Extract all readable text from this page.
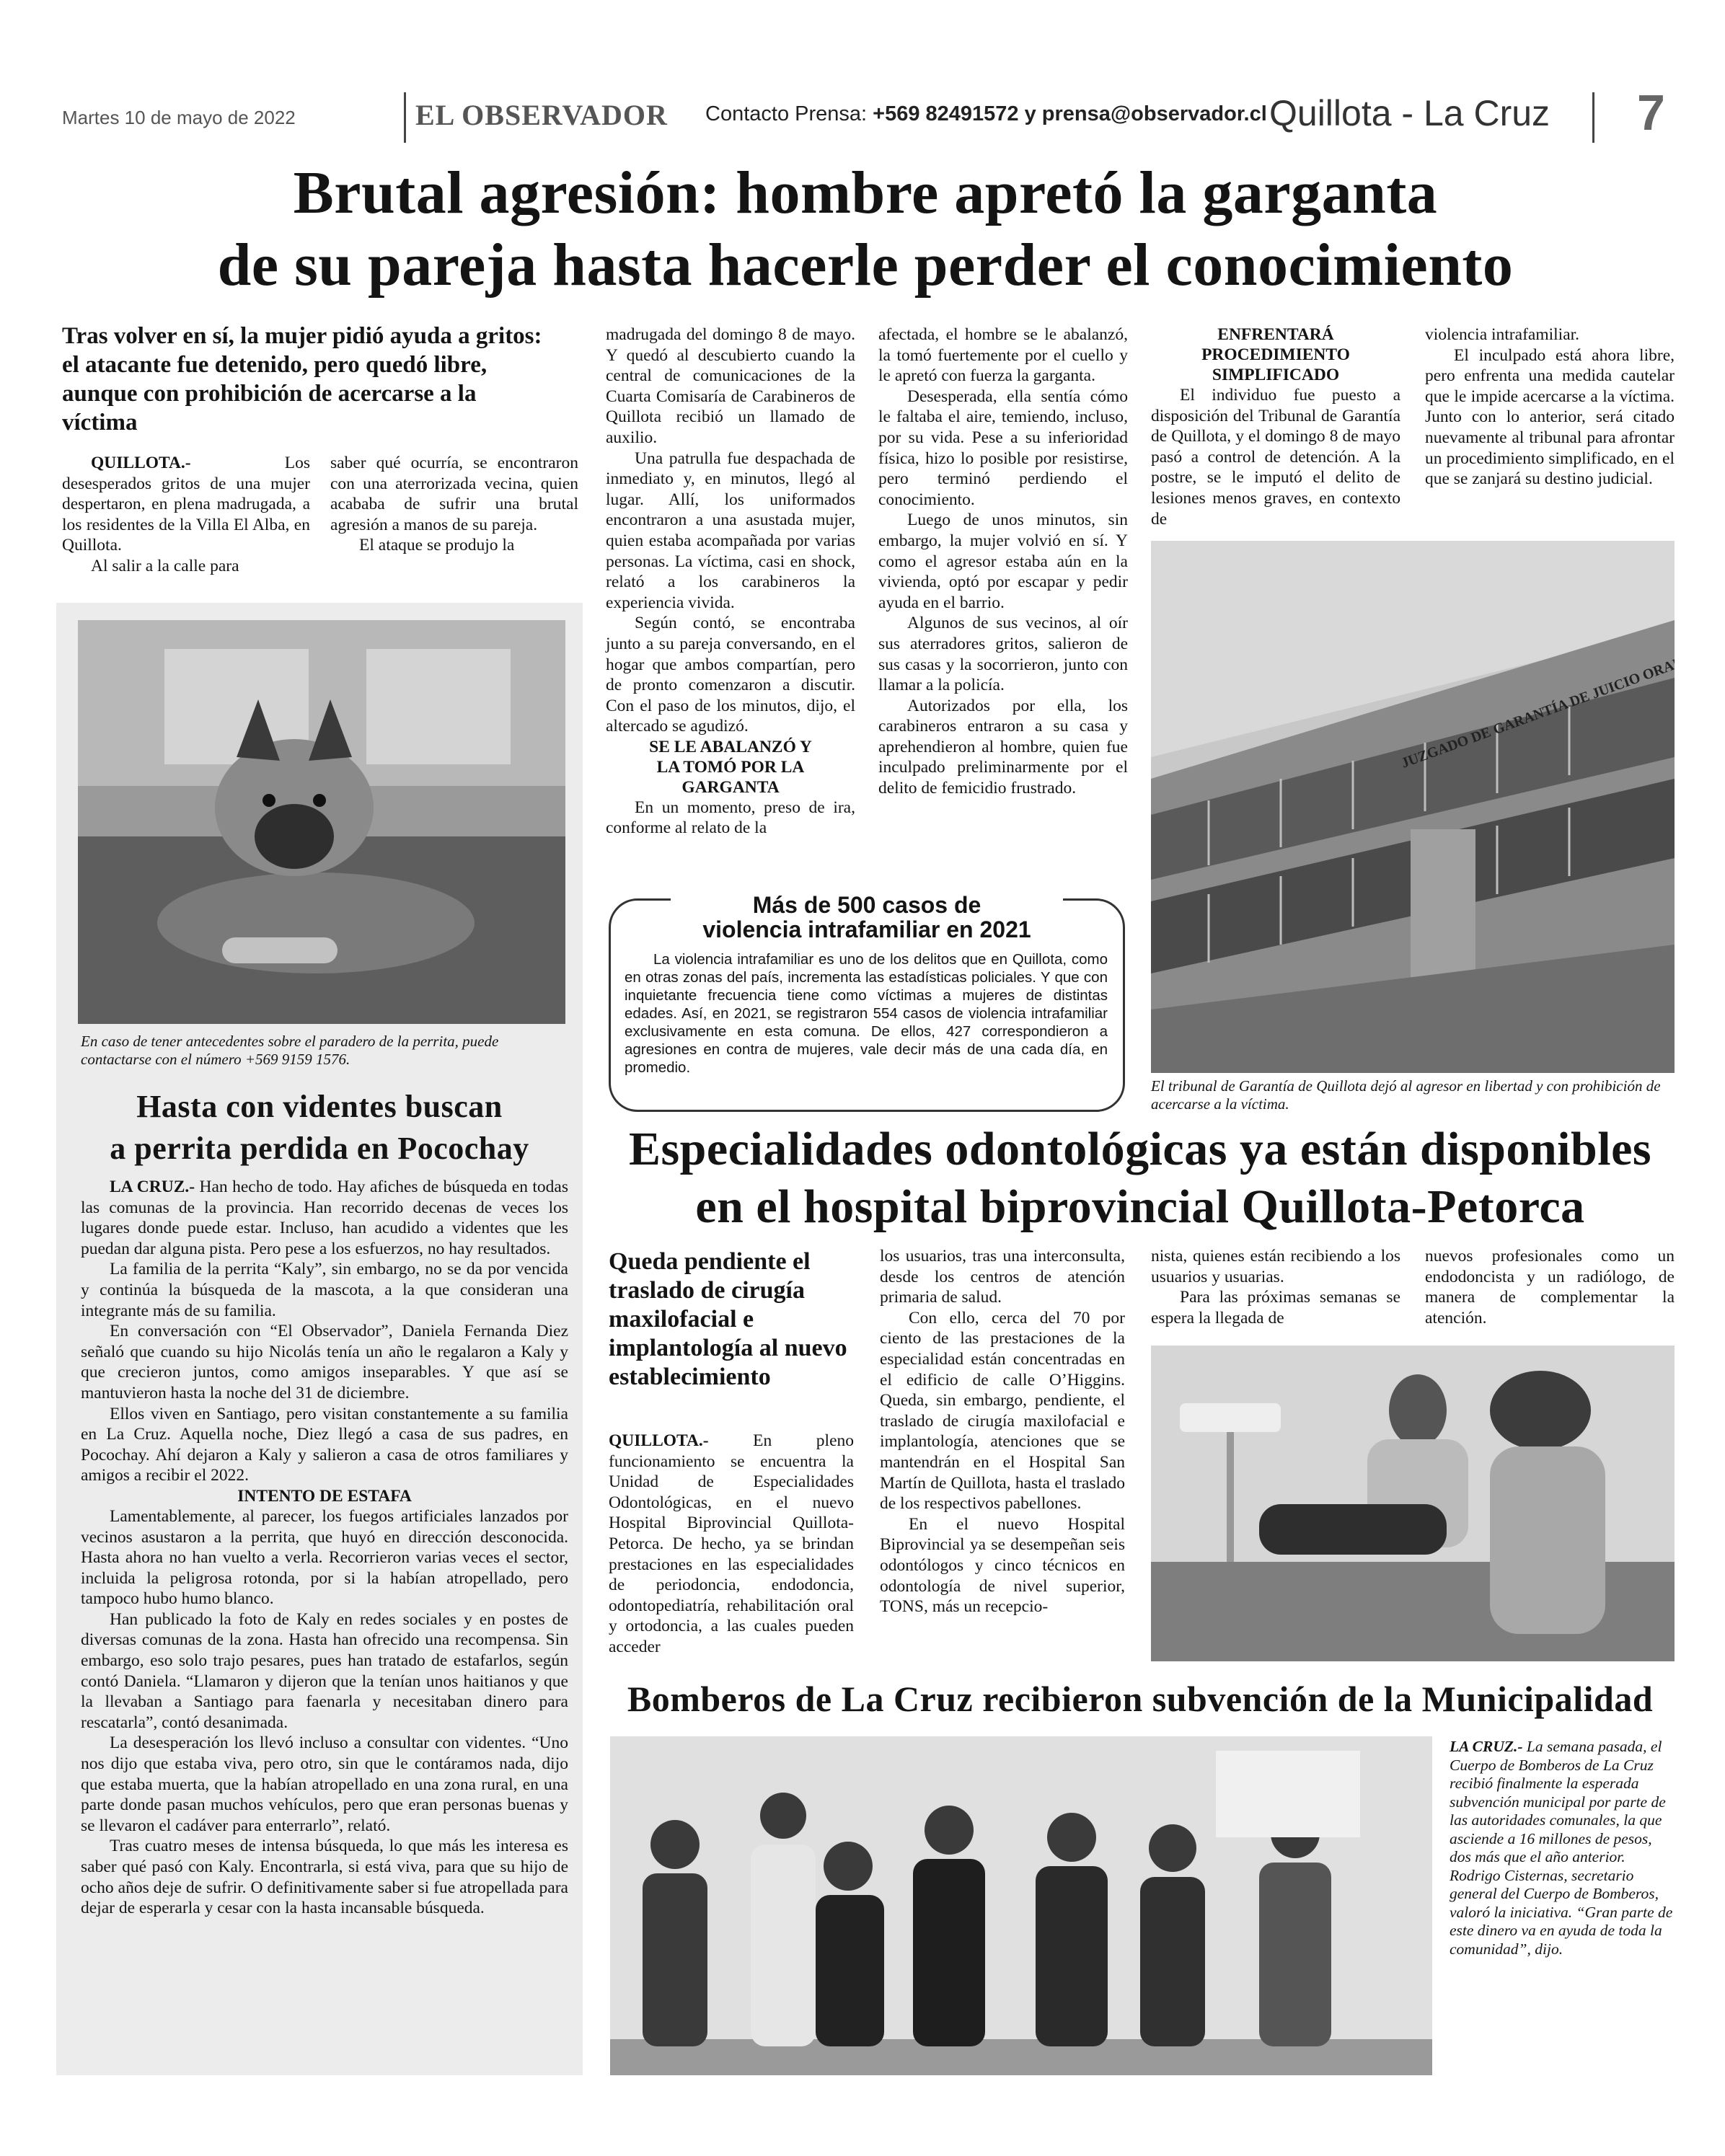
Martes 10 de mayo de 2022	EL OBSERVADOR Contacto Prensa: +569 82491572 y prensa@observador.cl Quillota - La Cruz 7
Brutal agresión: hombre apretó la garganta
de su pareja hasta hacerle perder el conocimiento
Tras volver en sí, la mujer pidió ayuda a gritos: el atacante fue detenido, pero quedó libre, aunque con prohibición de acercarse a la víctima

QUILLOTA.-	Los desesperados gritos de una mujer despertaron, en plena madrugada, a los residentes de la Villa El Alba, en Quillota.

Al salir a la calle para

saber qué ocurría, se encontraron con una aterrorizada vecina, quien acababa de sufrir una brutal agresión a manos de su pareja.

El ataque se produjo la

madrugada del domingo 8 de mayo. Y quedó al descubierto cuando la central de comunicaciones de la Cuarta Comisaría de Carabineros de Quillota recibió un llamado de auxilio.

Una patrulla fue despachada de inmediato y, en minutos, llegó al lugar. Allí, los uniformados encontraron a una asustada mujer, quien estaba acompañada por varias personas. La víctima, casi en shock, relató a los carabineros la experiencia vivida.

Según contó, se encontraba junto a su pareja conversando, en el hogar que ambos compartían, pero de pronto comenzaron a discutir. Con el paso de los minutos, dijo, el altercado se agudizó.

SE LE ABALANZÓ Y LA TOMÓ POR LA GARGANTA

En un momento, preso de ira, conforme al relato de la

afectada, el hombre se le abalanzó, la tomó fuertemente por el cuello y le apretó con fuerza la garganta.

Desesperada, ella sentía cómo le faltaba el aire, temiendo, incluso, por su vida. Pese a su inferioridad física, hizo lo posible por resistirse, pero terminó perdiendo el conocimiento.

Luego de unos minutos, sin embargo, la mujer volvió en sí. Y como el agresor estaba aún en la vivienda, optó por escapar y pedir ayuda en el barrio.

Algunos de sus vecinos, al oír sus aterradores gritos, salieron de sus casas y la socorrieron, junto con llamar a la policía.

Autorizados por ella, los carabineros entraron a su casa y aprehendieron al hombre, quien fue inculpado preliminarmente por el delito de femicidio frustrado.

ENFRENTARÁ PROCEDIMIENTO SIMPLIFICADO

El individuo fue puesto a disposición del Tribunal de Garantía de Quillota, y el domingo 8 de mayo pasó a control de detención. A la postre, se le imputó el delito de lesiones menos graves, en contexto de

violencia intrafamiliar.

El inculpado está ahora libre, pero enfrenta una medida cautelar que le impide acercarse a la víctima. Junto con lo anterior, será citado nuevamente al tribunal para afrontar un procedimiento simplificado, en el que se zanjará su destino judicial.

El tribunal de Garantía de Quillota dejó al agresor en libertad y con prohibición de acercarse a la víctima.
Más de 500 casos de
violencia intrafamiliar en 2021
La violencia intrafamiliar es uno de los delitos que en Quillota, como en otras zonas del país, incrementa las estadísticas policiales. Y que con inquietante frecuencia tiene como víctimas a mujeres de distintas edades. Así, en 2021, se registraron 554 casos de violencia intrafamiliar exclusivamente en esta comuna. De ellos, 427 correspondieron a agresiones en contra de mujeres, vale decir más de una cada día, en promedio.
En caso de tener antecedentes sobre el paradero de la perrita, puede contactarse con el número +569 9159 1576.
Hasta con videntes buscan
a perrita perdida en Pocochay

LA CRUZ.- Han hecho de todo. Hay afiches de búsqueda en todas las comunas de la provincia. Han recorrido decenas de veces los lugares donde puede estar. Incluso, han acudido a videntes que les puedan dar alguna pista. Pero pese a los esfuerzos, no hay resultados.

La familia de la perrita “Kaly”, sin embargo, no se da por vencida y continúa la búsqueda de la mascota, a la que consideran una integrante más de su familia.

En conversación con “El Observador”, Daniela Fernanda Diez señaló que cuando su hijo Nicolás tenía un año le regalaron a Kaly y que crecieron juntos, como amigos inseparables. Y que así se mantuvieron hasta la noche del 31 de diciembre.

Ellos viven en Santiago, pero visitan constantemente a su familia en La Cruz. Aquella noche, Diez llegó a casa de sus padres, en Pocochay. Ahí dejaron a Kaly y salieron a casa de otros familiares y amigos a recibir el 2022.

INTENTO DE ESTAFA

Lamentablemente, al parecer, los fuegos artificiales lanzados por vecinos asustaron a la perrita, que huyó en dirección desconocida. Hasta ahora no han vuelto a verla. Recorrieron varias veces el sector, incluida la peligrosa rotonda, por si la habían atropellado, pero tampoco hubo humo blanco.

Han publicado la foto de Kaly en redes sociales y en postes de diversas comunas de la zona. Hasta han ofrecido una recompensa. Sin embargo, eso solo trajo pesares, pues han tratado de estafarlos, según contó Daniela. “Llamaron y dijeron que la tenían unos haitianos y que la llevaban a Santiago para faenarla y necesitaban dinero para rescatarla”, contó desanimada.

La desesperación los llevó incluso a consultar con videntes. “Uno nos dijo que estaba viva, pero otro, sin que le contáramos nada, dijo que estaba muerta, que la habían atropellado en una zona rural, en una parte donde pasan muchos vehículos, pero que eran personas buenas y se llevaron el cadáver para enterrarlo”, relató.

Tras cuatro meses de intensa búsqueda, lo que más les interesa es saber qué pasó con Kaly. Encontrarla, si está viva, para que su hijo de ocho años deje de sufrir. O definitivamente saber si fue atropellada para dejar de esperarla y cesar con la hasta incansable búsqueda.

Especialidades odontológicas ya están disponibles
en el hospital biprovincial Quillota-Petorca
Queda pendiente el traslado de cirugía maxilofacial e implantología al nuevo establecimiento

QUILLOTA.-	En pleno funcionamiento se encuentra la Unidad de Especialidades Odontológicas, en el nuevo Hospital Biprovincial Quillota-Petorca. De hecho, ya se brindan prestaciones en las especialidades de periodoncia, endodoncia, odontopediatría, rehabilitación oral y ortodoncia, a las cuales pueden acceder

los usuarios, tras una interconsulta, desde los centros de atención primaria de salud.

Con ello, cerca del 70 por ciento de las prestaciones de la especialidad están concentradas en el edificio de calle O’Higgins. Queda, sin embargo, pendiente, el traslado de cirugía maxilofacial e implantología, atenciones que se mantendrán en el Hospital San Martín de Quillota, hasta el traslado de los respectivos pabellones.

En el nuevo Hospital Biprovincial ya se desempeñan seis odontólogos y cinco técnicos en odontología de nivel superior, TONS, más un recepcio-

nista, quienes están recibiendo a los usuarios y usuarias.

Para las próximas semanas se espera la llegada de

nuevos profesionales como un endodoncista y un radiólogo, de manera de complementar la atención.

Bomberos de La Cruz recibieron subvención de la Municipalidad
LA CRUZ.- La semana pasada, el Cuerpo de Bomberos de La Cruz recibió finalmente la esperada subvención municipal por parte de las autoridades comunales, la que asciende a 16 millones de pesos, dos más que el año anterior. Rodrigo Cisternas, secretario general del Cuerpo de Bomberos, valoró la iniciativa. “Gran parte de este dinero va en ayuda de toda la comunidad”, dijo.
